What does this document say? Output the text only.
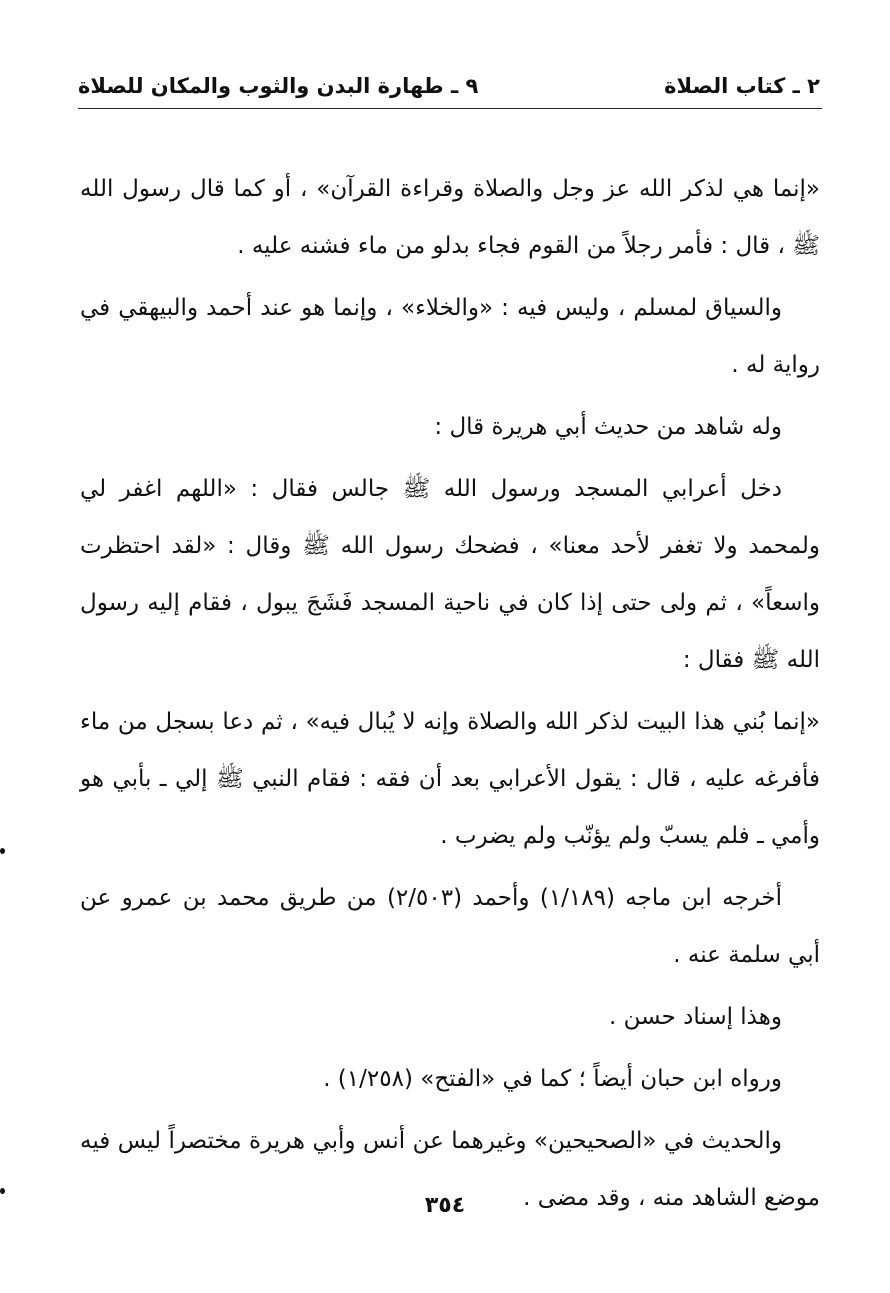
٢ ـ كتاب الصلاة
٩ ـ طهارة البدن والثوب والمكان للصلاة

«إنما هي لذكر الله عز وجل والصلاة وقراءة القرآن» ، أو كما قال رسول الله ﷺ ، قال : فأمر رجلاً من القوم فجاء بدلو من ماء فشنه عليه .

والسياق لمسلم ، وليس فيه : «والخلاء» ، وإنما هو عند أحمد والبيهقي في رواية له .

وله شاهد من حديث أبي هريرة قال :

دخل أعرابي المسجد ورسول الله ﷺ جالس فقال : «اللهم اغفر لي ولمحمد ولا تغفر لأحد معنا» ، فضحك رسول الله ﷺ وقال : «لقد احتظرت واسعاً» ، ثم ولى حتى إذا كان في ناحية المسجد فَشَجَ يبول ، فقام إليه رسول الله ﷺ فقال :

«إنما بُني هذا البيت لذكر الله والصلاة وإنه لا يُبال فيه» ، ثم دعا بسجل من ماء فأفرغه عليه ، قال : يقول الأعرابي بعد أن فقه : فقام النبي ﷺ إلي ـ بأبي هو وأمي ـ فلم يسبّ ولم يؤنّب ولم يضرب .

أخرجه ابن ماجه (١/١٨٩) وأحمد (٢/٥٠٣) من طريق محمد بن عمرو عن أبي سلمة عنه .

وهذا إسناد حسن .

ورواه ابن حبان أيضاً ؛ كما في «الفتح» (١/٢٥٨) .

والحديث في «الصحيحين» وغيرهما عن أنس وأبي هريرة مختصراً ليس فيه موضع الشاهد منه ، وقد مضى .

٣٥٤
